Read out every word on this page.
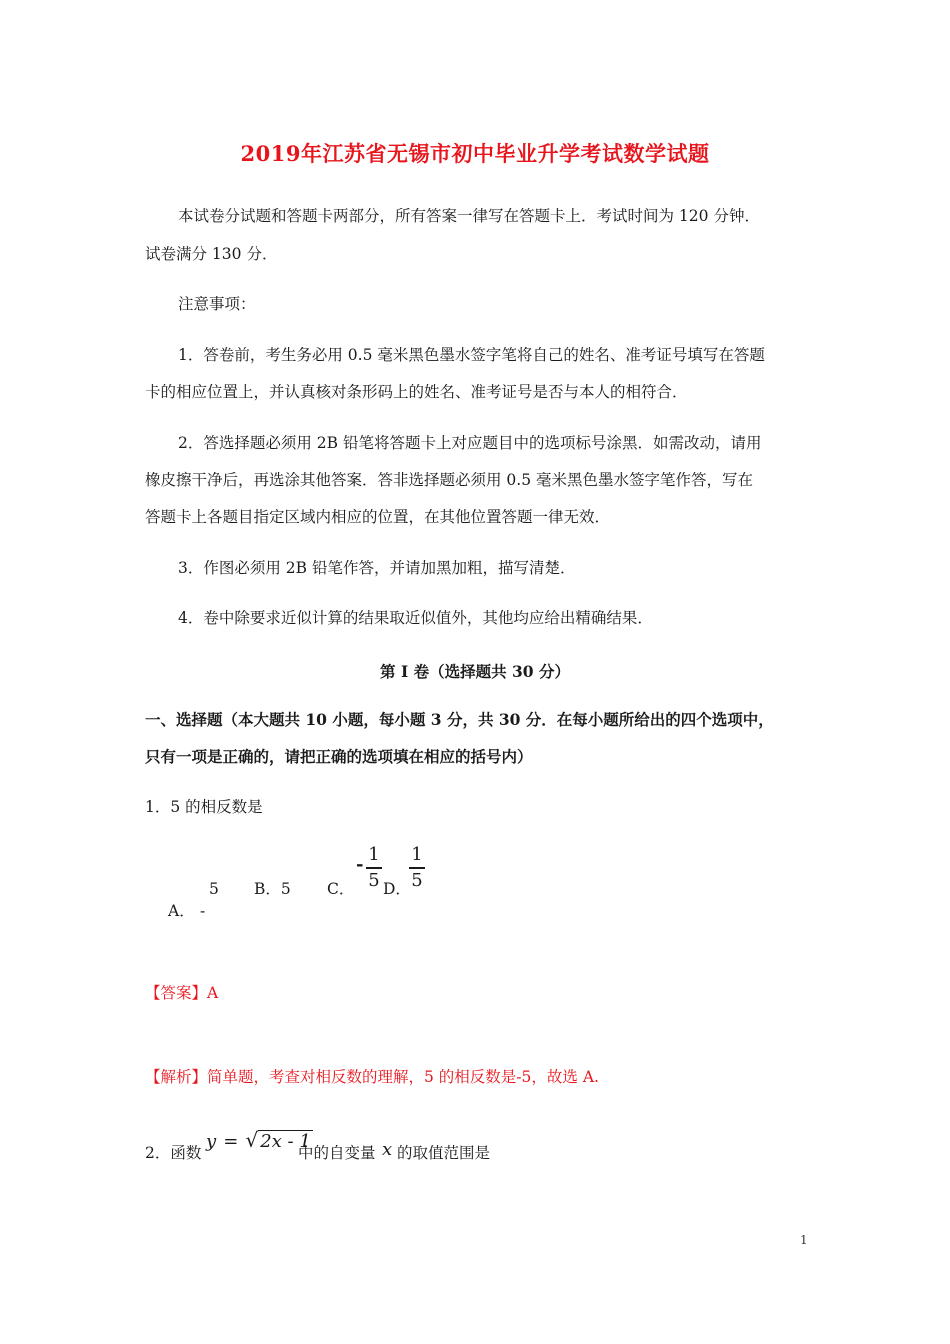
2019年江苏省无锡市初中毕业升学考试数学试题
本试卷分试题和答题卡两部分，所有答案一律写在答题卡上．考试时间为 120 分钟．
试卷满分 130 分．
注意事项：
1．答卷前，考生务必用 0.5 毫米黑色墨水签字笔将自己的姓名、准考证号填写在答题
卡的相应位置上，并认真核对条形码上的姓名、准考证号是否与本人的相符合．
2．答选择题必须用 2B 铅笔将答题卡上对应题目中的选项标号涂黑．如需改动，请用
橡皮擦干净后，再选涂其他答案．答非选择题必须用 0.5 毫米黑色墨水签字笔作答，写在
答题卡上各题目指定区域内相应的位置，在其他位置答题一律无效．
3．作图必须用 2B 铅笔作答，并请加黑加粗，描写清楚．
4．卷中除要求近似计算的结果取近似值外，其他均应给出精确结果．
第 I 卷（选择题共 30 分）
一、选择题（本大题共 10 小题，每小题 3 分，共 30 分．在每小题所给出的四个选项中，
只有一项是正确的，请把正确的选项填在相应的括号内）
1．5 的相反数是
5
A． -
B．5 C．
- 1
5 D．
1
5
【答案】A
【解析】简单题，考查对相反数的理解，5 的相反数是-5，故选 A.
2．函数
y = √ 2x - 1
中的自变量 x 的取值范围是
1
